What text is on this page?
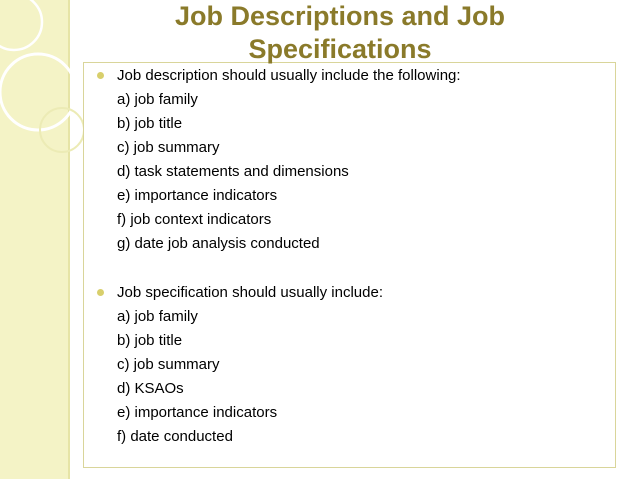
Job Descriptions and Job Specifications
Job description should usually include the following:
a) job family
b) job title
c) job summary
d) task statements and dimensions
e) importance indicators
f) job context indicators
g) date job analysis conducted
Job specification should usually include:
a) job family
b) job title
c) job summary
d) KSAOs
e) importance indicators
f) date conducted
